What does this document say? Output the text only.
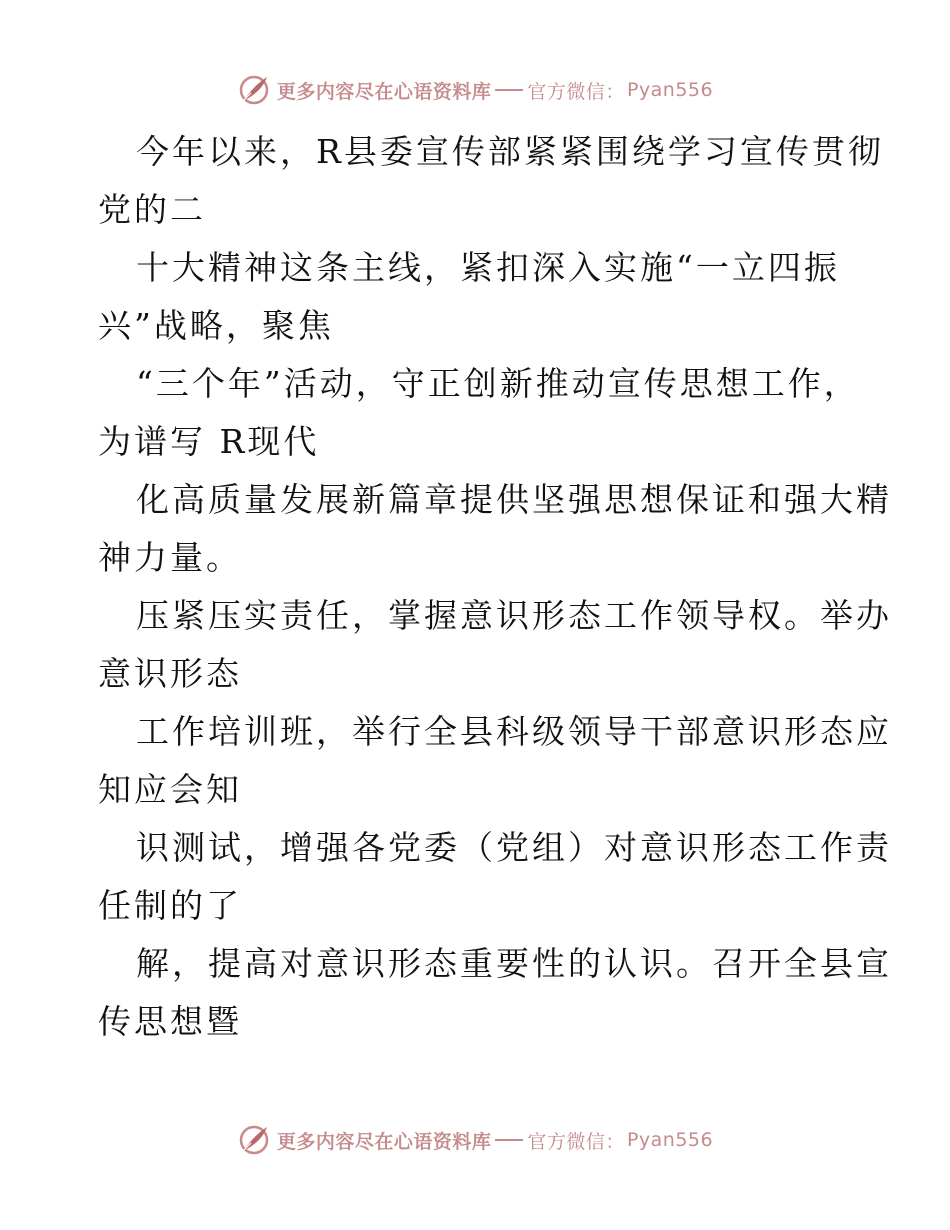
更多内容尽在心语资料库 官方微信： Pyan556

今年以来，R县委宣传部紧紧围绕学习宣传贯彻

党的二

十大精神这条主线，紧扣深入实施“一立四振

兴”战略，聚焦

“三个年”活动，守正创新推动宣传思想工作，

为谱写 R现代

化高质量发展新篇章提供坚强思想保证和强大精

神力量。

压紧压实责任，掌握意识形态工作领导权。举办

意识形态

工作培训班，举行全县科级领导干部意识形态应

知应会知

识测试，增强各党委（党组）对意识形态工作责

任制的了

解，提高对意识形态重要性的认识。召开全县宣

传思想暨

更多内容尽在心语资料库 官方微信： Pyan556
